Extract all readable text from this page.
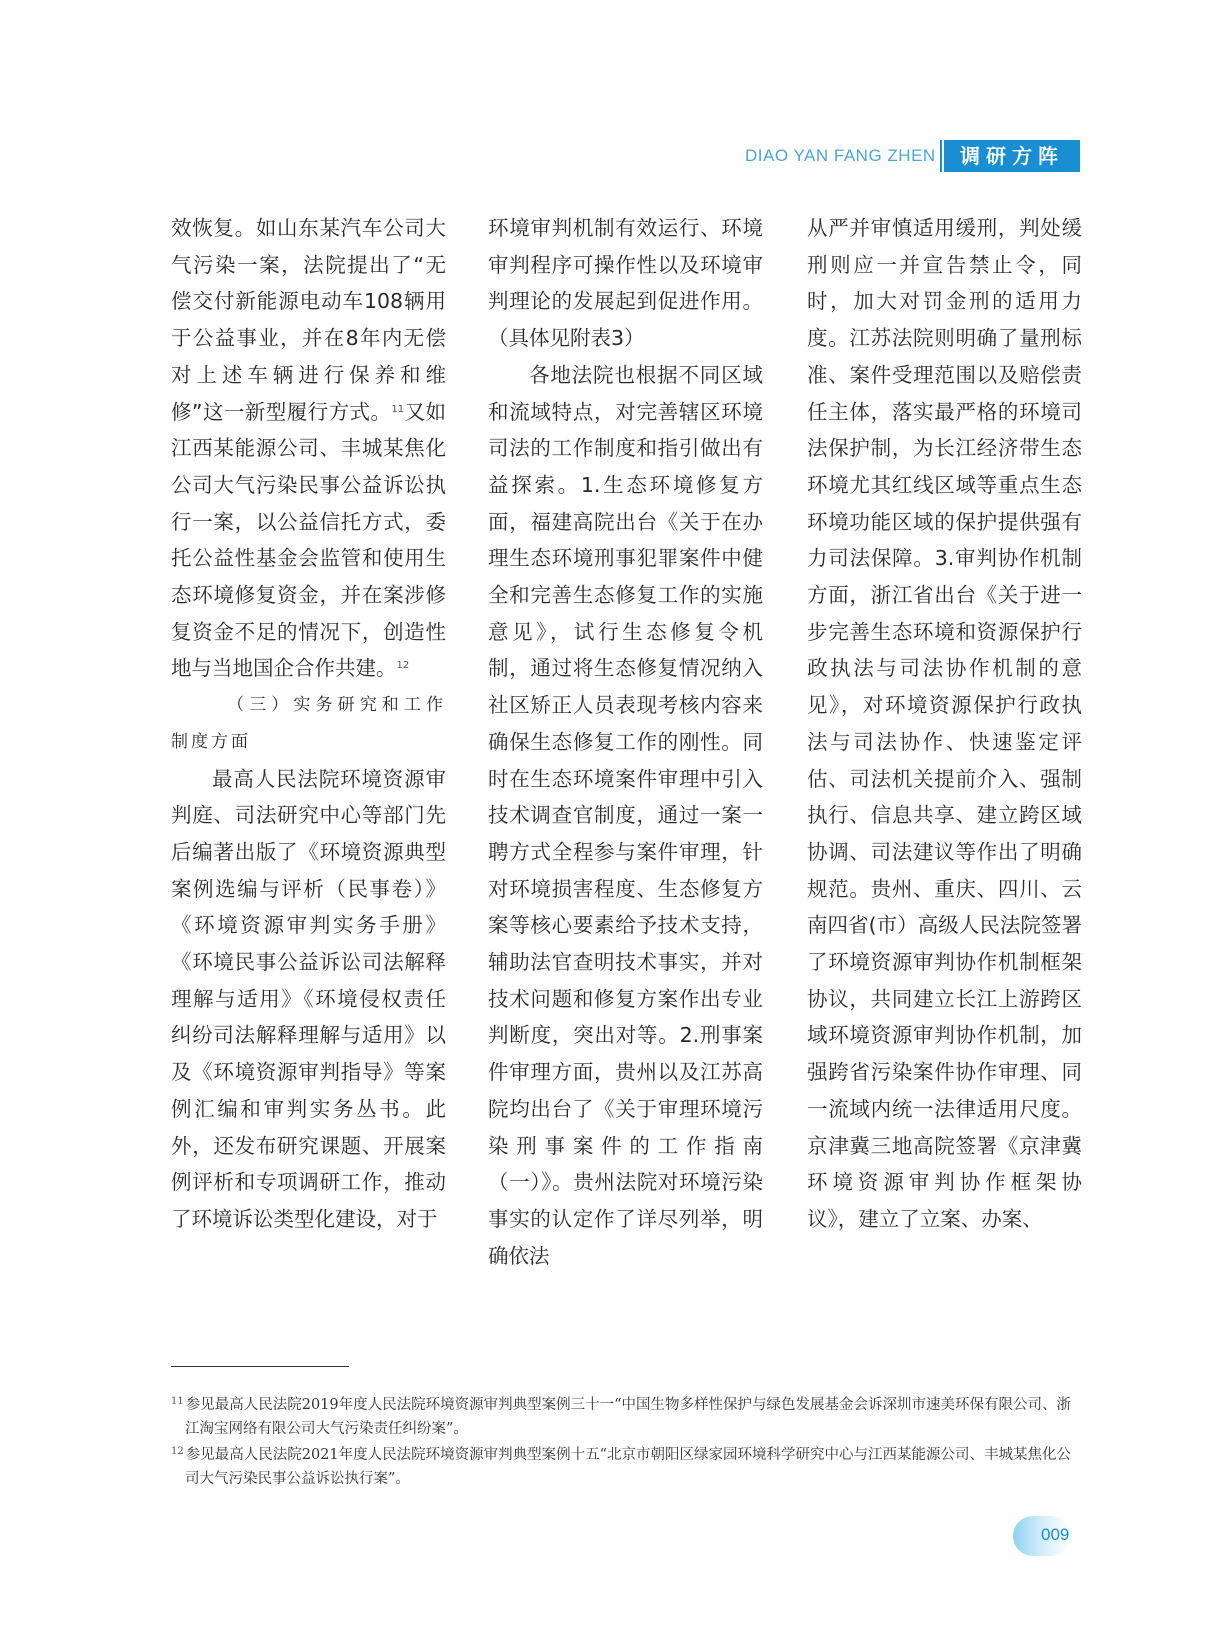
DIAO YAN FANG ZHEN	调研方阵

效恢复。如山东某汽车公司大气污染一案，法院提出了“无偿交付新能源电动车108辆用于公益事业，并在8年内无偿对上述车辆进行保养和维修”这一新型履行方式。$^{11}$又如江西某能源公司、丰城某焦化公司大气污染民事公益诉讼执行一案，以公益信托方式，委托公益性基金会监管和使用生态环境修复资金，并在案涉修复资金不足的情况下，创造性地与当地国企合作共建。$^{12}$

（三）实务研究和工作制度方面

最高人民法院环境资源审判庭、司法研究中心等部门先后编著出版了《环境资源典型案例选编与评析（民事卷）》《环境资源审判实务手册》《环境民事公益诉讼司法解释理解与适用》《环境侵权责任纠纷司法解释理解与适用》以及《环境资源审判指导》等案例汇编和审判实务丛书。此外，还发布研究课题、开展案例评析和专项调研工作，推动了环境诉讼类型化建设，对于

环境审判机制有效运行、环境审判程序可操作性以及环境审判理论的发展起到促进作用。（具体见附表3）

各地法院也根据不同区域和流域特点，对完善辖区环境司法的工作制度和指引做出有益探索。1.生态环境修复方面，福建高院出台《关于在办理生态环境刑事犯罪案件中健全和完善生态修复工作的实施意见》，试行生态修复令机制，通过将生态修复情况纳入社区矫正人员表现考核内容来确保生态修复工作的刚性。同时在生态环境案件审理中引入技术调查官制度，通过一案一聘方式全程参与案件审理，针对环境损害程度、生态修复方案等核心要素给予技术支持，辅助法官查明技术事实，并对技术问题和修复方案作出专业判断度，突出对等。2.刑事案件审理方面，贵州以及江苏高院均出台了《关于审理环境污染刑事案件的工作指南（一）》。贵州法院对环境污染事实的认定作了详尽列举，明确依法

从严并审慎适用缓刑，判处缓刑则应一并宣告禁止令，同时，加大对罚金刑的适用力度。江苏法院则明确了量刑标准、案件受理范围以及赔偿责任主体，落实最严格的环境司法保护制，为长江经济带生态环境尤其红线区域等重点生态环境功能区域的保护提供强有力司法保障。3.审判协作机制方面，浙江省出台《关于进一步完善生态环境和资源保护行政执法与司法协作机制的意见》，对环境资源保护行政执法与司法协作、快速鉴定评估、司法机关提前介入、强制执行、信息共享、建立跨区域协调、司法建议等作出了明确规范。贵州、重庆、四川、云南四省(市）高级人民法院签署了环境资源审判协作机制框架协议，共同建立长江上游跨区域环境资源审判协作机制，加强跨省污染案件协作审理、同一流域内统一法律适用尺度。京津冀三地高院签署《京津冀环境资源审判协作框架协议》，建立了立案、办案、

$^{11}$ 参见最高人民法院2019年度人民法院环境资源审判典型案例三十一“中国生物多样性保护与绿色发展基金会诉深圳市速美环保有限公司、浙江淘宝网络有限公司大气污染责任纠纷案”。

$^{12}$ 参见最高人民法院2021年度人民法院环境资源审判典型案例十五“北京市朝阳区绿家园环境科学研究中心与江西某能源公司、丰城某焦化公司大气污染民事公益诉讼执行案”。

009
